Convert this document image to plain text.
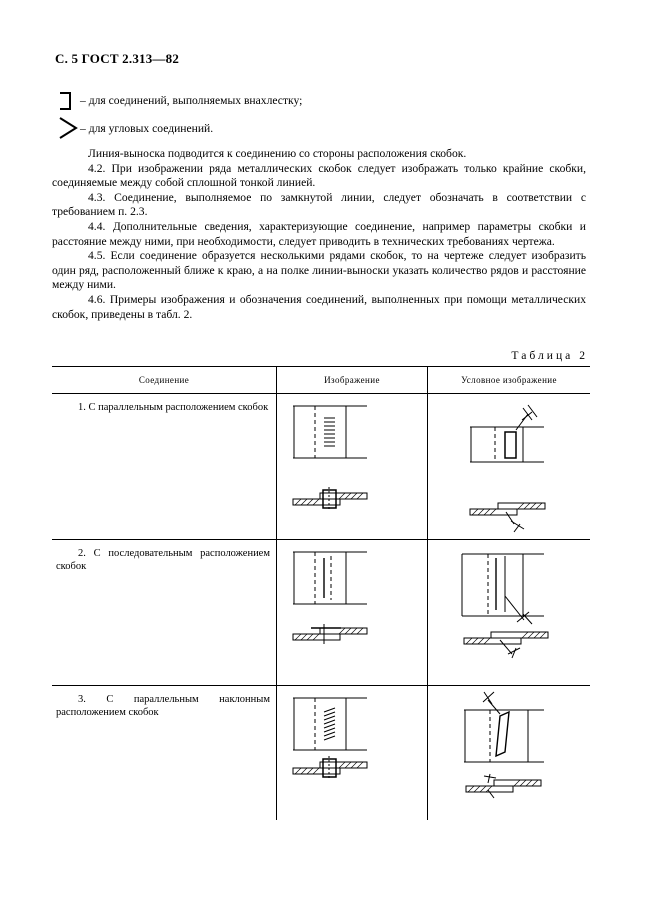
С. 5 ГОСТ 2.313—82
– для соединений, выполняемых внахлестку;
– для угловых соединений.

Линия-выноска подводится к соединению со стороны расположения скобок.

4.2. При изображении ряда металлических скобок следует изображать только крайние скобки, соединяемые между собой сплошной тонкой линией.

4.3. Соединение, выполняемое по замкнутой линии, следует обозначать в соответствии с требованием п. 2.3.

4.4. Дополнительные сведения, характеризующие соединение, например параметры скобки и расстояние между ними, при необходимости, следует приводить в технических требованиях чертежа.

4.5. Если соединение образуется несколькими рядами скобок, то на чертеже следует изобразить один ряд, расположенный ближе к краю, а на полке линии-выноски указать количество рядов и расстояние между ними.

4.6. Примеры изображения и обозначения соединений, выполненных при помощи металлических скобок, приведены в табл. 2.

Таблица 2
Соединение	Изображение	Условное изображение

1. С параллельным расположением скобок

2. С последовательным расположением скобок

3. С параллельным наклонным расположением скобок
